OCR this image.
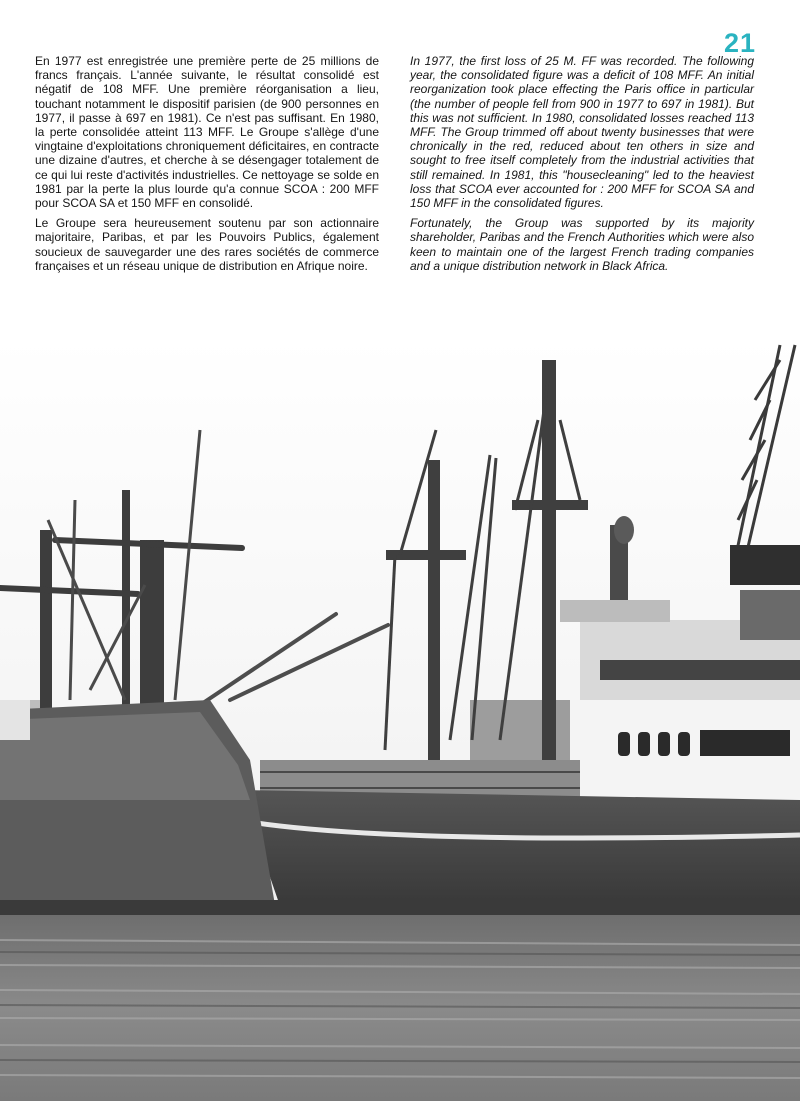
21

En 1977 est enregistrée une première perte de 25 millions de francs français. L'année suivante, le résultat consolidé est négatif de 108 MFF. Une première réorganisation a lieu, touchant notamment le dispositif parisien (de 900 personnes en 1977, il passe à 697 en 1981). Ce n'est pas suffisant. En 1980, la perte consolidée atteint 113 MFF. Le Groupe s'allège d'une vingtaine d'exploitations chroniquement déficitaires, en contracte une dizaine d'autres, et cherche à se désengager totalement de ce qui lui reste d'activités industrielles. Ce nettoyage se solde en 1981 par la perte la plus lourde qu'a connue SCOA : 200 MFF pour SCOA SA et 150 MFF en consolidé.

Le Groupe sera heureusement soutenu par son actionnaire majoritaire, Paribas, et par les Pouvoirs Publics, également soucieux de sauvegarder une des rares sociétés de commerce françaises et un réseau unique de distribution en Afrique noire.

In 1977, the first loss of 25 M. FF was recorded. The following year, the consolidated figure was a deficit of 108 MFF. An initial reorganization took place effecting the Paris office in particular (the number of people fell from 900 in 1977 to 697 in 1981). But this was not sufficient. In 1980, consolidated losses reached 113 MFF. The Group trimmed off about twenty businesses that were chronically in the red, reduced about ten others in size and sought to free itself completely from the industrial activities that still remained. In 1981, this "housecleaning" led to the heaviest loss that SCOA ever accounted for : 200 MFF for SCOA SA and 150 MFF in the consolidated figures.

Fortunately, the Group was supported by its majority shareholder, Paribas and the French Authorities which were also keen to maintain one of the largest French trading companies and a unique distribution network in Black Africa.
